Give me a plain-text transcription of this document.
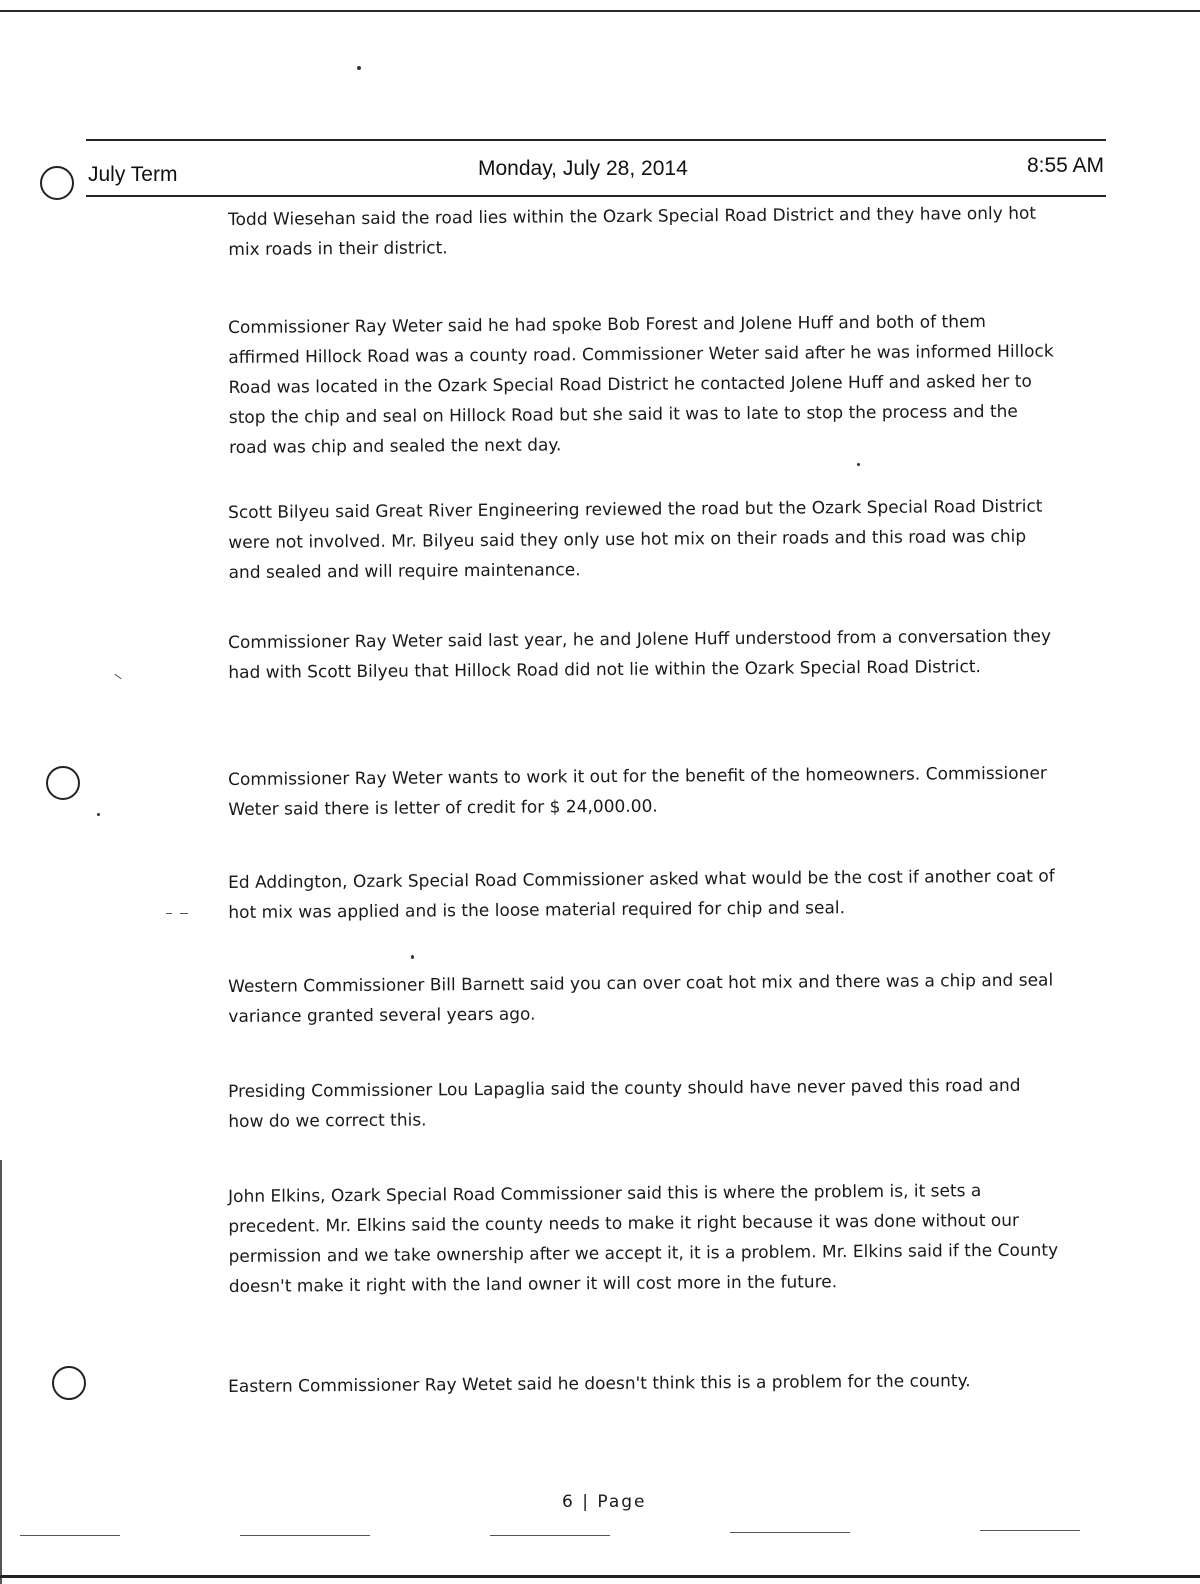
July Term	Monday, July 28, 2014	8:55 AM

Todd Wiesehan said the road lies within the Ozark Special Road District and they have only hot mix roads in their district.

Commissioner Ray Weter said he had spoke Bob Forest and Jolene Huff and both of them affirmed Hillock Road was a county road. Commissioner Weter said after he was informed Hillock Road was located in the Ozark Special Road District he contacted Jolene Huff and asked her to stop the chip and seal on Hillock Road but she said it was to late to stop the process and the road was chip and sealed the next day.

Scott Bilyeu said Great River Engineering reviewed the road but the Ozark Special Road District were not involved. Mr. Bilyeu said they only use hot mix on their roads and this road was chip and sealed and will require maintenance.

Commissioner Ray Weter said last year, he and Jolene Huff understood from a conversation they had with Scott Bilyeu that Hillock Road did not lie within the Ozark Special Road District.

Commissioner Ray Weter wants to work it out for the benefit of the homeowners. Commissioner Weter said there is letter of credit for $ 24,000.00.

Ed Addington, Ozark Special Road Commissioner asked what would be the cost if another coat of hot mix was applied and is the loose material required for chip and seal.

Western Commissioner Bill Barnett said you can over coat hot mix and there was a chip and seal variance granted several years ago.

Presiding Commissioner Lou Lapaglia said the county should have never paved this road and how do we correct this.

John Elkins, Ozark Special Road Commissioner said this is where the problem is, it sets a precedent. Mr. Elkins said the county needs to make it right because it was done without our permission and we take ownership after we accept it, it is a problem. Mr. Elkins said if the County doesn't make it right with the land owner it will cost more in the future.

Eastern Commissioner Ray Wetet said he doesn't think this is a problem for the county.

6 | Page
